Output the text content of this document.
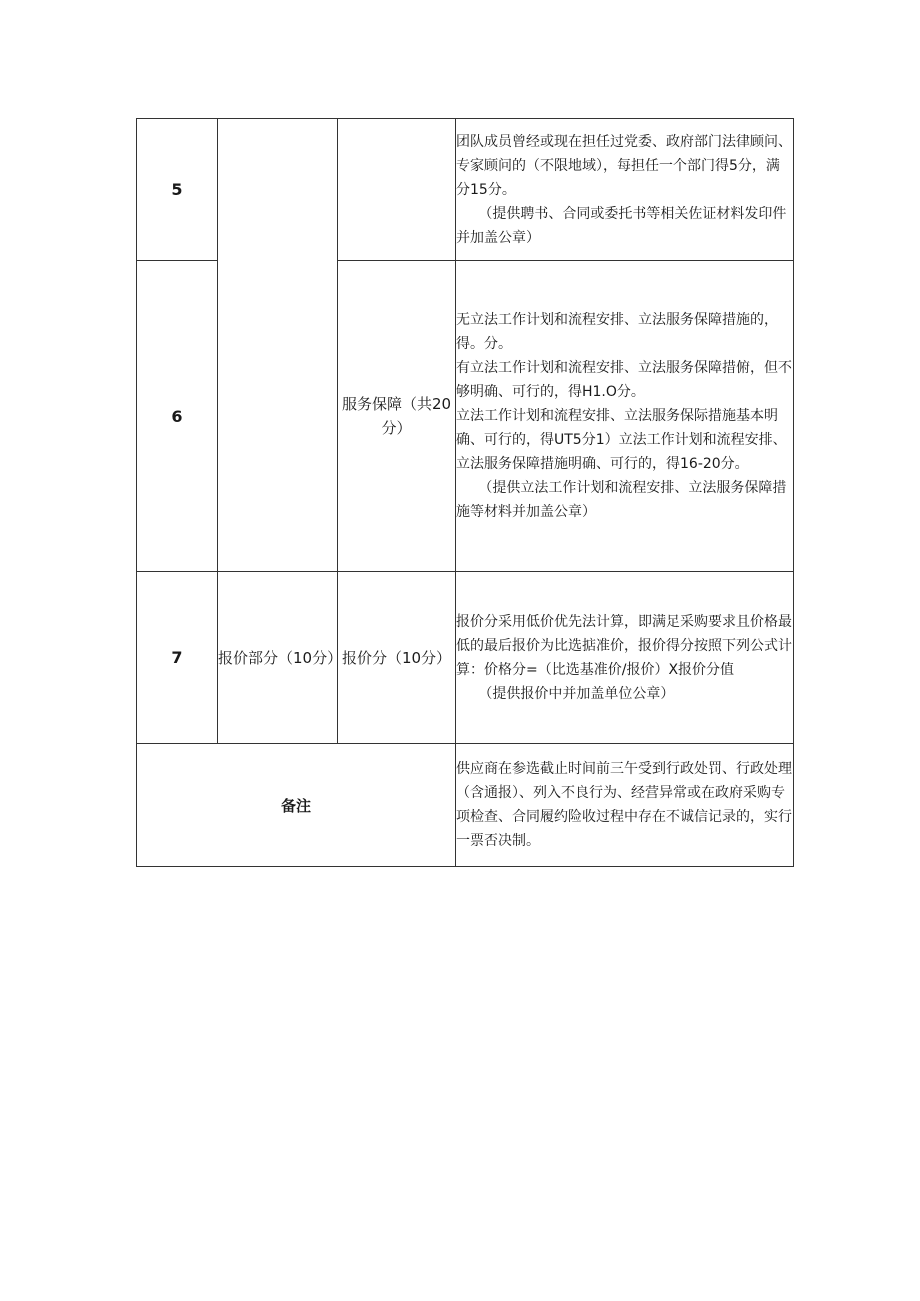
5			团队成员曾经或现在担任过党委、政府部门法律顾问、专家顾问的（不限地域），每担任一个部门得5分，满分15分。
（提供聘书、合同或委托书等相关佐证材料发印件并加盖公章）

6		服务保障（共20分）	无立法工作计划和流程安排、立法服务保障措施的，得。分。
有立法工作计划和流程安排、立法服务保障措俯，但不够明确、可行的，得H1.O分。
立法工作计划和流程安排、立法服务保际措施基本明确、可行的，得UT5分1）立法工作计划和流程安排、立法服务保障措施明确、可行的，得16-20分。
（提供立法工作计划和流程安排、立法服务保障措施等材料并加盖公章）

7	报价部分（10分）	报价分（10分）	报价分采用低价优先法计算，即满足采购要求且价格最低的最后报价为比选掂准价，报价得分按照下列公式计算：价格分=（比选基准价/报价）X报价分值
（提供报价中并加盖单位公章）

备注			供应商在参选截止时间前三午受到行政处罚、行政处理（含通报）、列入不良行为、经营异常或在政府采购专项检查、合同履约险收过程中存在不诚信记录的，实行一票否决制。
